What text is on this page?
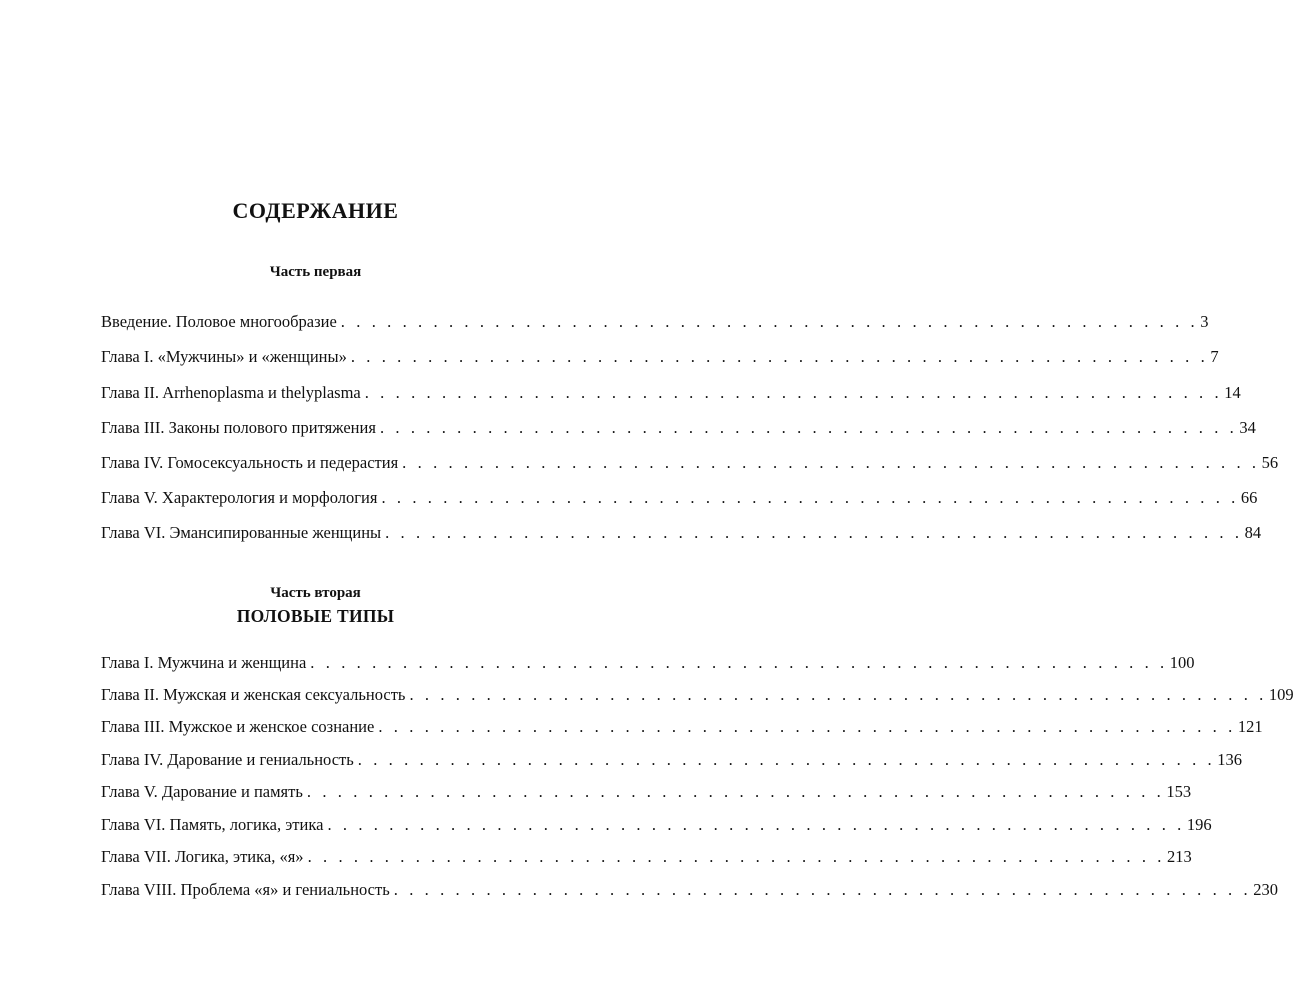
СОДЕРЖАНИЕ
Часть первая
Введение. Половое многообразие . . . . . . . . . . . . . . . . . . . . . . . . . . . . . . . . . . . . . . . . . . . . . . . . . . . . . . . . 3
Глава I. «Мужчины» и «женщины» . . . . . . . . . . . . . . . . . . . . . . . . . . . . . . . . . . . . . . . . . . . . . . . . . . . . . . . . 7
Глава II. Arrhenoplasma и thelyplasma . . . . . . . . . . . . . . . . . . . . . . . . . . . . . . . . . . . . . . . . . . . . . . . . . . . . . . . . 14
Глава III. Законы полового притяжения . . . . . . . . . . . . . . . . . . . . . . . . . . . . . . . . . . . . . . . . . . . . . . . . . . . . . . . . 34
Глава IV. Гомосексуальность и педерастия . . . . . . . . . . . . . . . . . . . . . . . . . . . . . . . . . . . . . . . . . . . . . . . . . . . . . . . . 56
Глава V. Характерология и морфология . . . . . . . . . . . . . . . . . . . . . . . . . . . . . . . . . . . . . . . . . . . . . . . . . . . . . . . . 66
Глава VI. Эмансипированные женщины . . . . . . . . . . . . . . . . . . . . . . . . . . . . . . . . . . . . . . . . . . . . . . . . . . . . . . . . 84
Часть вторая
ПОЛОВЫЕ ТИПЫ
Глава I. Мужчина и женщина . . . . . . . . . . . . . . . . . . . . . . . . . . . . . . . . . . . . . . . . . . . . . . . . . . . . . . . . 100
Глава II. Мужская и женская сексуальность . . . . . . . . . . . . . . . . . . . . . . . . . . . . . . . . . . . . . . . . . . . . . . . . . . . . . . . . 109
Глава III. Мужское и женское сознание . . . . . . . . . . . . . . . . . . . . . . . . . . . . . . . . . . . . . . . . . . . . . . . . . . . . . . . . 121
Глава IV. Дарование и гениальность . . . . . . . . . . . . . . . . . . . . . . . . . . . . . . . . . . . . . . . . . . . . . . . . . . . . . . . . 136
Глава V. Дарование и память . . . . . . . . . . . . . . . . . . . . . . . . . . . . . . . . . . . . . . . . . . . . . . . . . . . . . . . . 153
Глава VI. Память, логика, этика . . . . . . . . . . . . . . . . . . . . . . . . . . . . . . . . . . . . . . . . . . . . . . . . . . . . . . . . 196
Глава VII. Логика, этика, «я» . . . . . . . . . . . . . . . . . . . . . . . . . . . . . . . . . . . . . . . . . . . . . . . . . . . . . . . . 213
Глава VIII. Проблема «я» и гениальность . . . . . . . . . . . . . . . . . . . . . . . . . . . . . . . . . . . . . . . . . . . . . . . . . . . . . . . . 230
